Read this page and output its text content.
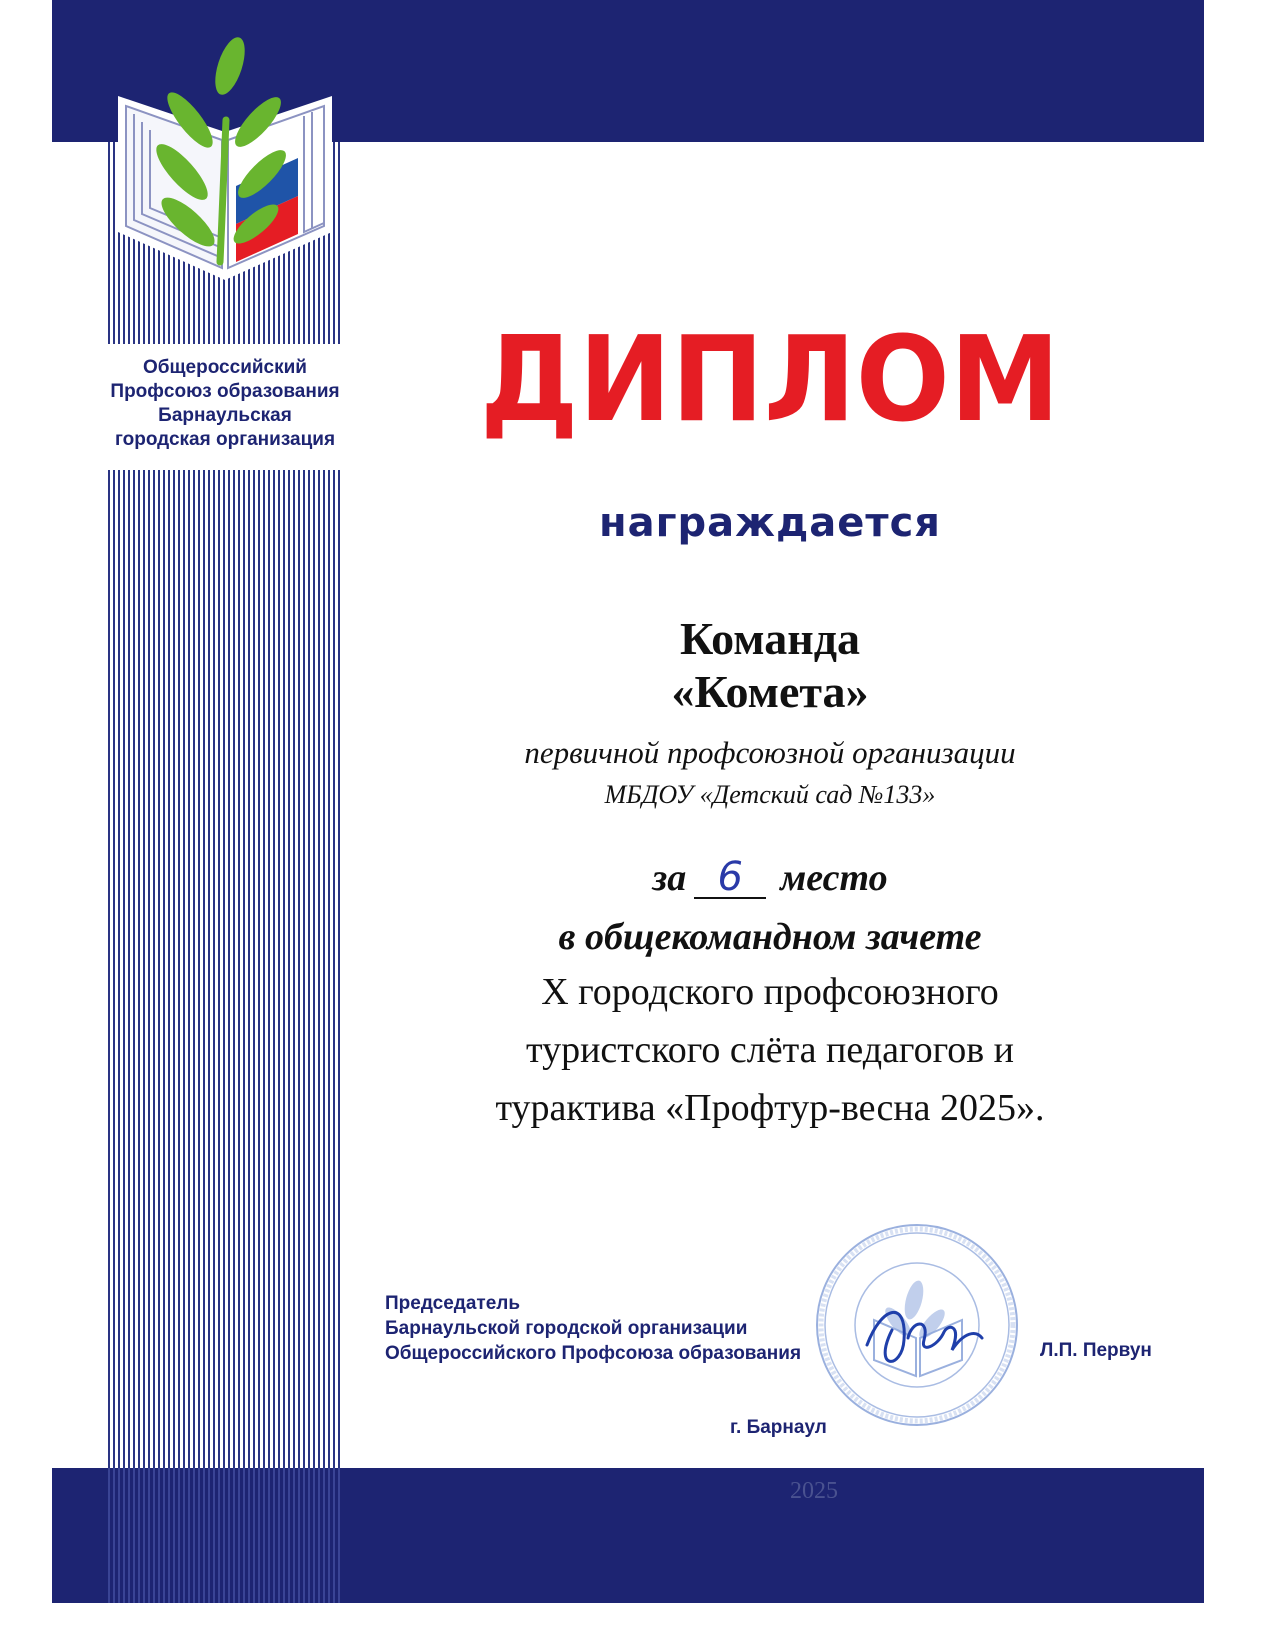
Общероссийский
Профсоюз образования
Барнаульская
городская организация ДИПЛОМ
награждается
Команда
«Комета»
первичной профсоюзной организации
МБДОУ «Детский сад №133»
за 6 место
в общекомандном зачете
X городского профсоюзного
туристского слёта педагогов и
турактива «Профтур-весна 2025».
Председатель
Барнаульской городской организации
Общероссийского Профсоюза образования	Л.П. Первун
г. Барнаул
2025
